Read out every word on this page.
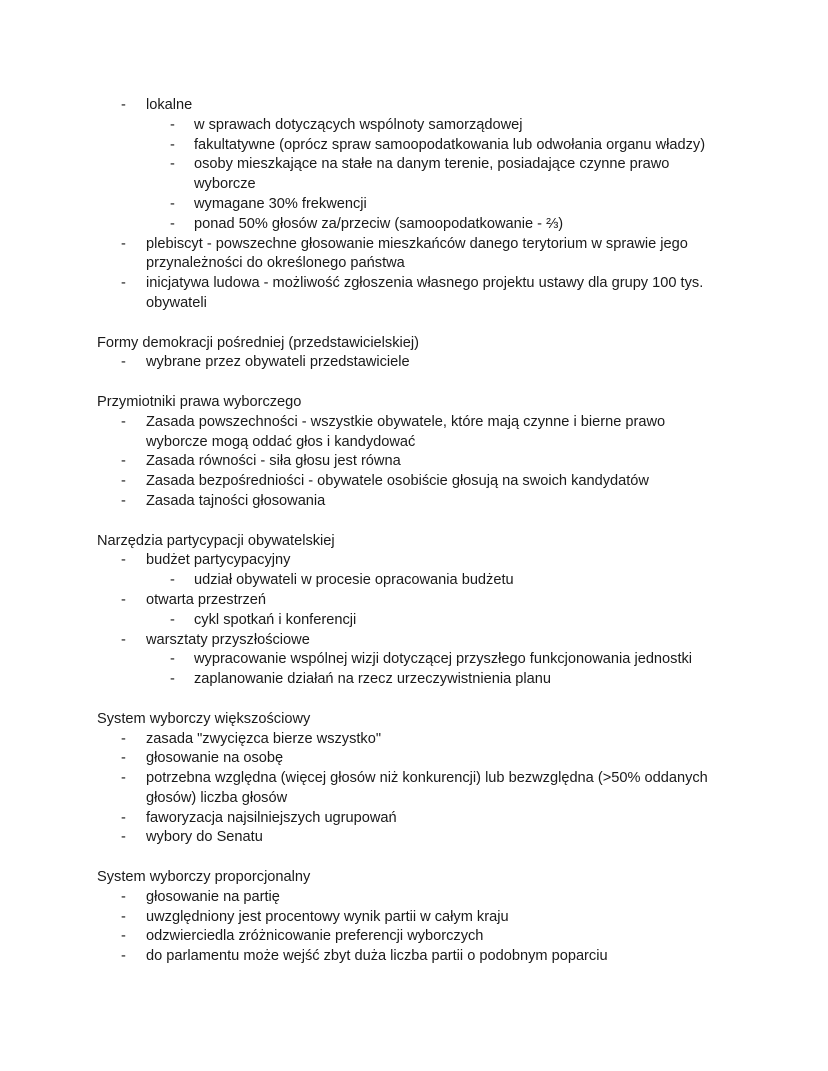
- lokalne
- w sprawach dotyczących wspólnoty samorządowej
- fakultatywne (oprócz spraw samoopodatkowania lub odwołania organu władzy)
- osoby mieszkające na stałe na danym terenie, posiadające czynne prawo
wyborcze
- wymagane 30% frekwencji
- ponad 50% głosów za/przeciw (samoopodatkowanie - ⅔)
- plebiscyt - powszechne głosowanie mieszkańców danego terytorium w sprawie jego
przynależności do określonego państwa
- inicjatywa ludowa - możliwość zgłoszenia własnego projektu ustawy dla grupy 100 tys.
obywateli
Formy demokracji pośredniej (przedstawicielskiej)
- wybrane przez obywateli przedstawiciele
Przymiotniki prawa wyborczego
- Zasada powszechności - wszystkie obywatele, które mają czynne i bierne prawo
wyborcze mogą oddać głos i kandydować
- Zasada równości - siła głosu jest równa
- Zasada bezpośredniości - obywatele osobiście głosują na swoich kandydatów
- Zasada tajności głosowania
Narzędzia partycypacji obywatelskiej
- budżet partycypacyjny
- udział obywateli w procesie opracowania budżetu
- otwarta przestrzeń
- cykl spotkań i konferencji
- warsztaty przyszłościowe
- wypracowanie wspólnej wizji dotyczącej przyszłego funkcjonowania jednostki
- zaplanowanie działań na rzecz urzeczywistnienia planu
System wyborczy większościowy
- zasada "zwycięzca bierze wszystko"
- głosowanie na osobę
- potrzebna względna (więcej głosów niż konkurencji) lub bezwzględna (>50% oddanych
głosów) liczba głosów
- faworyzacja najsilniejszych ugrupowań
- wybory do Senatu
System wyborczy proporcjonalny
- głosowanie na partię
- uwzględniony jest procentowy wynik partii w całym kraju
- odzwierciedla zróżnicowanie preferencji wyborczych
- do parlamentu może wejść zbyt duża liczba partii o podobnym poparciu
